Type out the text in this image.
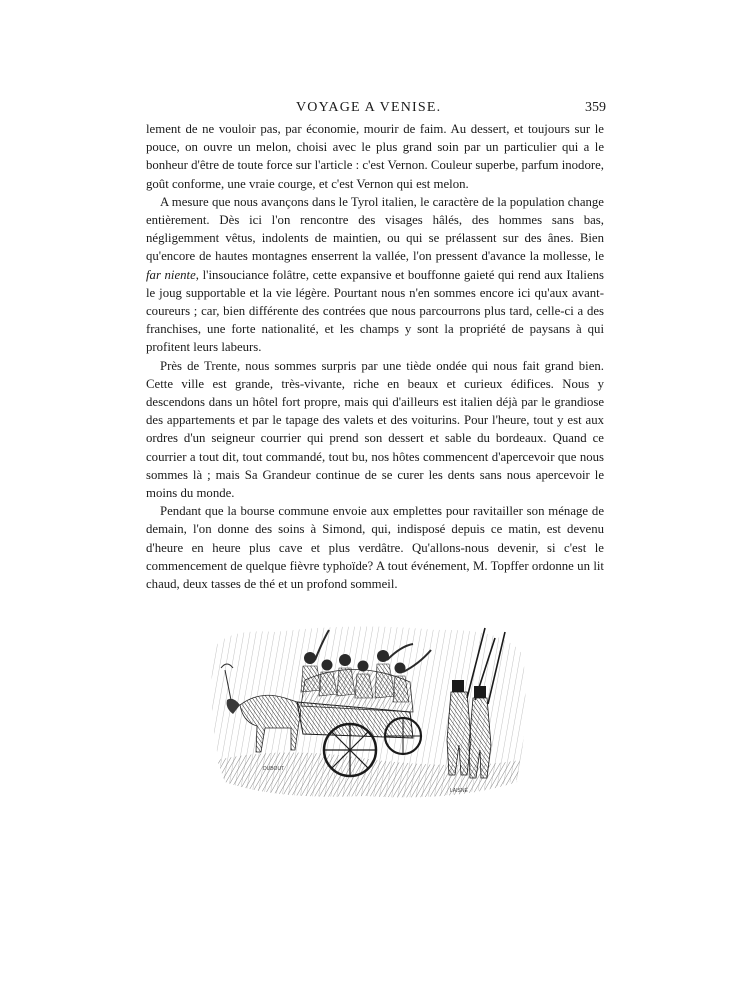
VOYAGE A VENISE.	359

lement de ne vouloir pas, par économie, mourir de faim. Au dessert, et toujours sur le pouce, on ouvre un melon, choisi avec le plus grand soin par un particulier qui a le bonheur d'être de toute force sur l'article : c'est Vernon. Couleur superbe, parfum inodore, goût conforme, une vraie courge, et c'est Vernon qui est melon.

A mesure que nous avançons dans le Tyrol italien, le caractère de la population change entièrement. Dès ici l'on rencontre des visages hâlés, des hommes sans bas, négligemment vêtus, indolents de maintien, ou qui se prélassent sur des ânes. Bien qu'encore de hautes montagnes enserrent la vallée, l'on pressent d'avance la mollesse, le far niente, l'insouciance folâtre, cette expansive et bouffonne gaieté qui rend aux Italiens le joug supportable et la vie légère. Pourtant nous n'en sommes encore ici qu'aux avant-coureurs ; car, bien différente des contrées que nous parcourrons plus tard, celle-ci a des franchises, une forte nationalité, et les champs y sont la propriété de paysans à qui profitent leurs labeurs.

Près de Trente, nous sommes surpris par une tiède ondée qui nous fait grand bien. Cette ville est grande, très-vivante, riche en beaux et curieux édifices. Nous y descendons dans un hôtel fort propre, mais qui d'ailleurs est italien déjà par le grandiose des appartements et par le tapage des valets et des voiturins. Pour l'heure, tout y est aux ordres d'un seigneur courrier qui prend son dessert et sable du bordeaux. Quand ce courrier a tout dit, tout commandé, tout bu, nos hôtes commencent d'apercevoir que nous sommes là ; mais Sa Grandeur continue de se curer les dents sans nous apercevoir le moins du monde.

Pendant que la bourse commune envoie aux emplettes pour ravitailler son ménage de demain, l'on donne des soins à Simond, qui, indisposé depuis ce matin, est devenu d'heure en heure plus cave et plus verdâtre. Qu'allons-nous devenir, si c'est le commencement de quelque fièvre typhoïde? A tout événement, M. Topffer ordonne un lit chaud, deux tasses de thé et un profond sommeil.

DUBOUT
LAISNÉ
